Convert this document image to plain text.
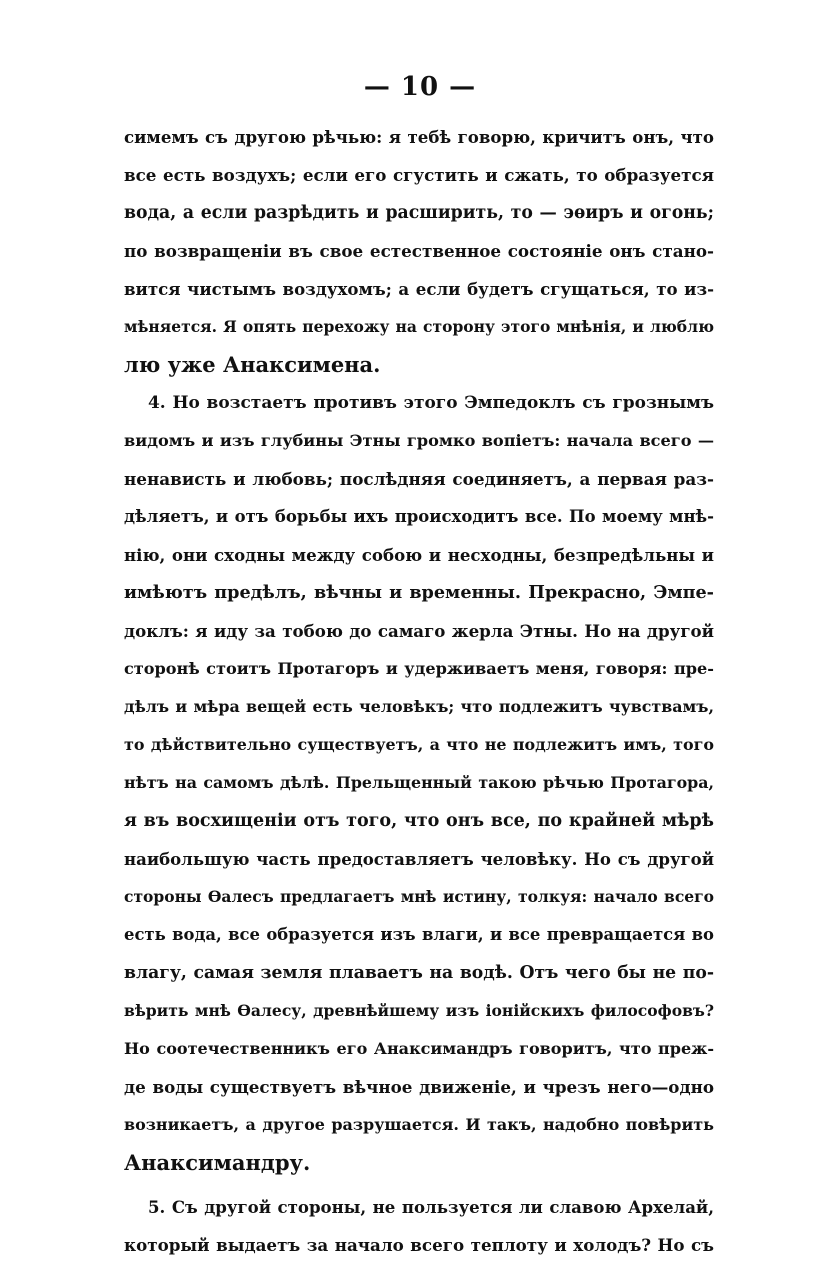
— 10 —
симемъ съ другою рѣчью: я тебѣ говорю, кричитъ онъ, что
все есть воздухъ; если его сгустить и сжать, то образуется
вода, а если разрѣдить и расширить, то — эѳиръ и огонь;
по возвращеніи въ свое естественное состояніе онъ стано-
вится чистымъ воздухомъ; а если будетъ сгущаться, то из-
мѣняется. Я опять перехожу на сторону этого мнѣнія, и люблю
лю уже Анаксимена.
4. Но возстаетъ противъ этого Эмпедоклъ съ грознымъ
видомъ и изъ глубины Этны громко вопіетъ: начала всего —
ненависть и любовь; послѣдняя соединяетъ, а первая раз-
дѣляетъ, и отъ борьбы ихъ происходитъ все. По моему мнѣ-
нію, они сходны между собою и несходны, безпредѣльны и
имѣютъ предѣлъ, вѣчны и временны. Прекрасно, Эмпе-
доклъ: я иду за тобою до самаго жерла Этны. Но на другой
сторонѣ стоитъ Протагоръ и удерживаетъ меня, говоря: пре-
дѣлъ и мѣра вещей есть человѣкъ; что подлежитъ чувствамъ,
то дѣйствительно существуетъ, а что не подлежитъ имъ, того
нѣтъ на самомъ дѣлѣ. Прельщенный такою рѣчью Протагора,
я въ восхищеніи отъ того, что онъ все, по крайней мѣрѣ
наибольшую часть предоставляетъ человѣку. Но съ другой
стороны Ѳалесъ предлагаетъ мнѣ истину, толкуя: начало всего
есть вода, все образуется изъ влаги, и все превращается во
влагу, самая земля плаваетъ на водѣ. Отъ чего бы не по-
вѣрить мнѣ Ѳалесу, древнѣйшему изъ іонійскихъ философовъ?
Но соотечественникъ его Анаксимандръ говоритъ, что преж-
де воды существуетъ вѣчное движеніе, и чрезъ него—одно
возникаетъ, а другое разрушается. И такъ, надобно повѣрить
Анаксимандру.
5. Съ другой стороны, не пользуется ли славою Архелай,
который выдаетъ за начало всего теплоту и холодъ? Но съ
